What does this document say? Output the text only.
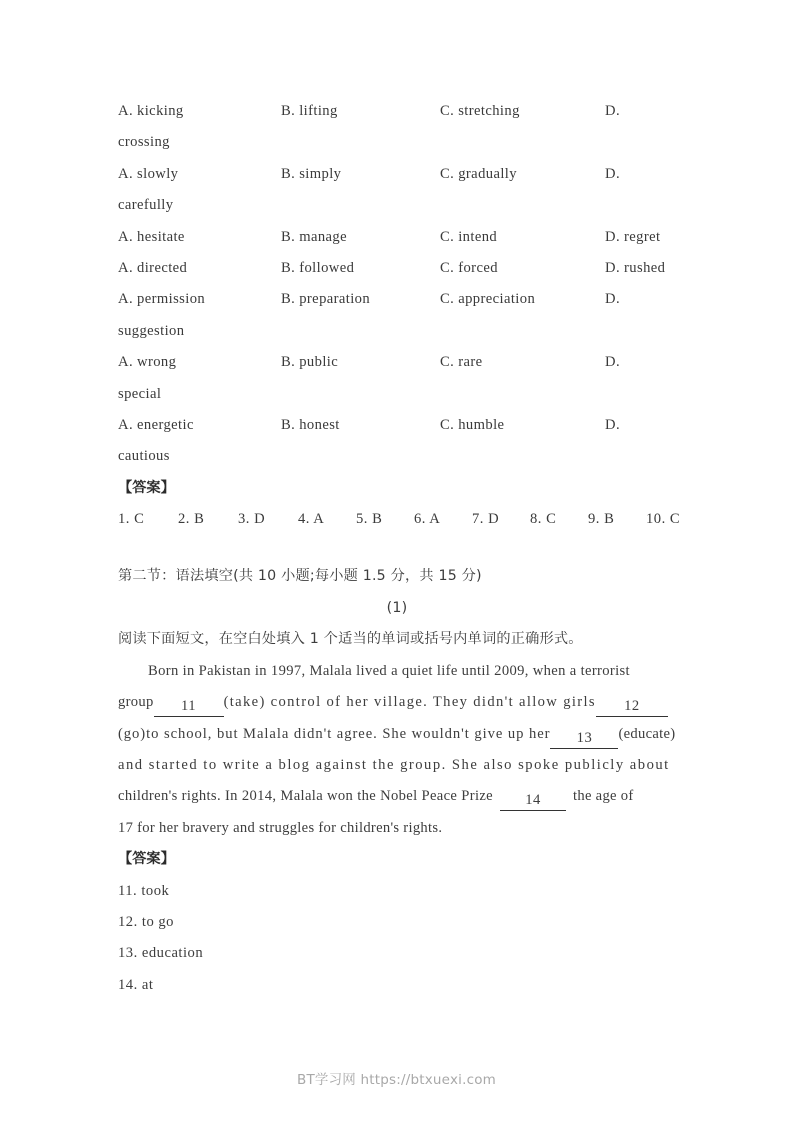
A. kicking	B. lifting	C. stretching	D.
crossing
A. slowly	B. simply	C. gradually	D.
carefully
A. hesitate	B. manage	C. intend	D. regret
A. directed	B. followed	C. forced	D. rushed
A. permission	B. preparation	C. appreciation	D.
suggestion
A. wrong	B. public	C. rare	D.
special
A. energetic	B. honest	C. humble	D.
cautious
【答案】
1. C 2. B 3. D 4. A 5. B 6. A 7. D 8. C 9. B 10. C
第二节：语法填空(共 10 小题;每小题 1.5 分，共 15 分)
(1)
阅读下面短文，在空白处填入 1 个适当的单词或括号内单词的正确形式。
Born in Pakistan in 1997, Malala lived a quiet life until 2009, when a terrorist
group 11 (take) control of her village. They didn't allow girls 12
(go)to school, but Malala didn't agree. She wouldn't give up her 13 (educate)
and started to write a blog against the group. She also spoke publicly about
children's rights. In 2014, Malala won the Nobel Peace Prize 14 the age of
17 for her bravery and struggles for children's rights.
【答案】
11. took
12. to go
13. education
14. at
BT学习网 https://btxuexi.com
